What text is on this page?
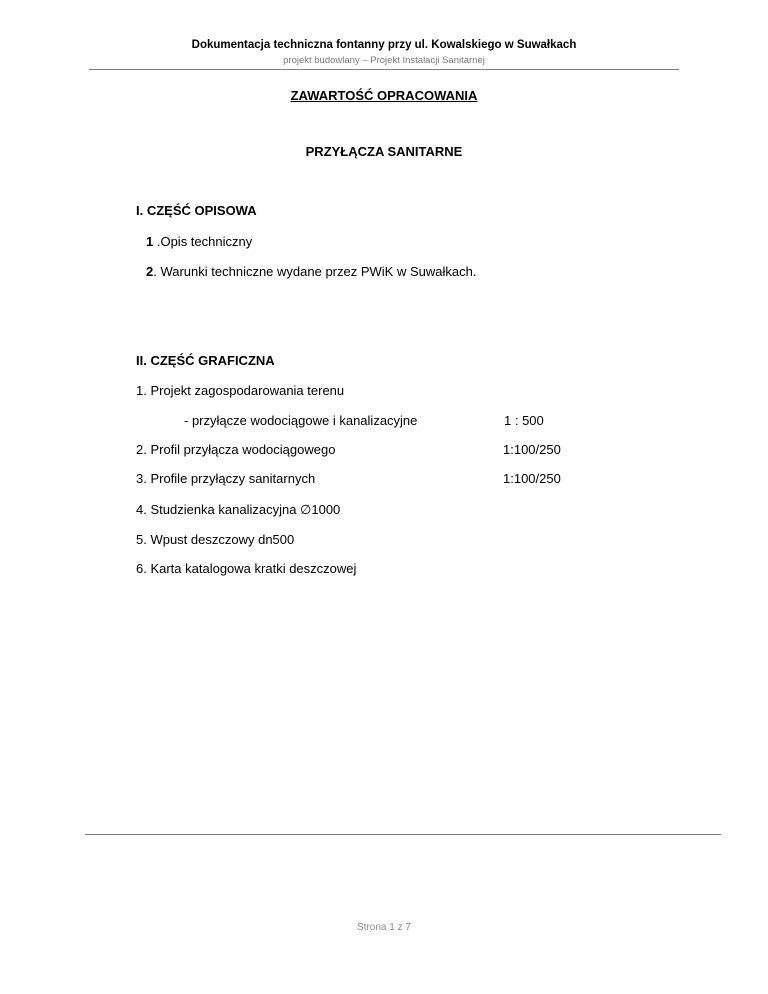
Dokumentacja techniczna fontanny przy ul. Kowalskiego w Suwałkach
projekt budowlany – Projekt Instalacji Sanitarnej
ZAWARTOŚĆ OPRACOWANIA
PRZYŁĄCZA SANITARNE
I. CZĘŚĆ OPISOWA
1 .Opis techniczny
2. Warunki techniczne wydane przez PWiK w Suwałkach.
II. CZĘŚĆ GRAFICZNA
1. Projekt zagospodarowania terenu
- przyłącze wodociągowe i kanalizacyjne	1 : 500
2. Profil przyłącza wodociągowego	1:100/250
3. Profile przyłączy sanitarnych	1:100/250
4. Studzienka kanalizacyjna ∅1000
5. Wpust deszczowy dn500
6. Karta katalogowa kratki deszczowej
Strona 1 z 7
